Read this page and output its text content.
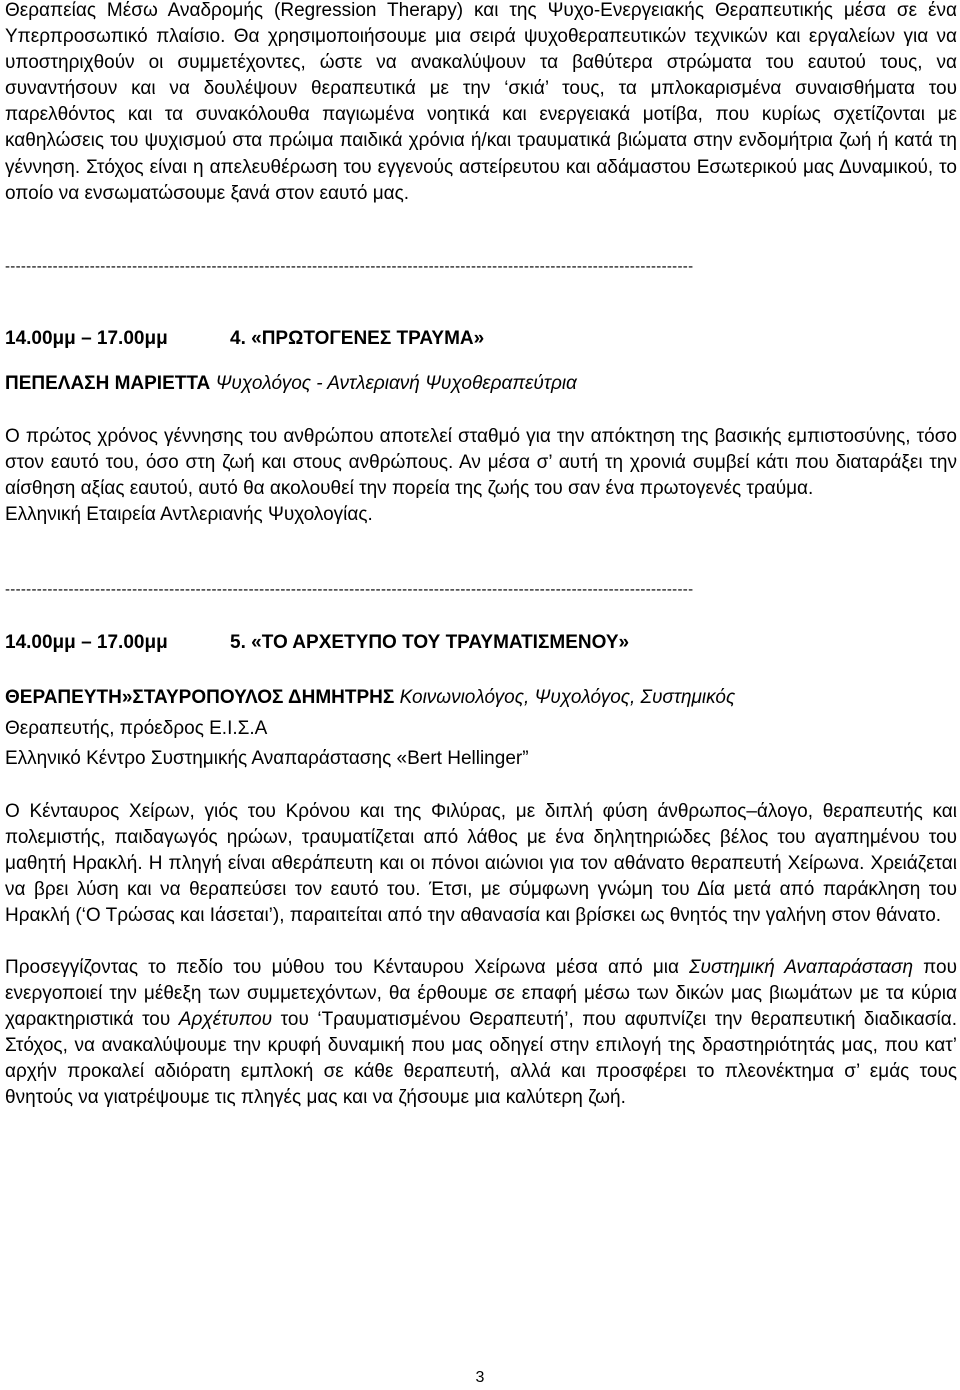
Θεραπείας Μέσω Αναδρομής (Regression Therapy) και της Ψυχο-Ενεργειακής Θεραπευτικής μέσα σε ένα Υπερπροσωπικό πλαίσιο. Θα χρησιμοποιήσουμε μια σειρά ψυχοθεραπευτικών τεχνικών και εργαλείων για να υποστηριχθούν οι συμμετέχοντες, ώστε να ανακαλύψουν τα βαθύτερα στρώματα του εαυτού τους, να συναντήσουν και να δουλέψουν θεραπευτικά με την ‘σκιά’ τους, τα μπλοκαρισμένα συναισθήματα του παρελθόντος και τα συνακόλουθα παγιωμένα νοητικά και ενεργειακά μοτίβα, που κυρίως σχετίζονται με καθηλώσεις του ψυχισμού στα πρώιμα παιδικά χρόνια ή/και τραυματικά βιώματα στην ενδομήτρια ζωή ή κατά τη γέννηση. Στόχος είναι η απελευθέρωση του εγγενούς αστείρευτου και αδάμαστου Εσωτερικού μας Δυναμικού, το οποίο να ενσωματώσουμε ξανά στον εαυτό μας.

----------------------------------------------------------------------------------------------------------------------------------
14.00μμ – 17.00μμ	4. «ΠΡΩΤΟΓΕΝΕΣ ΤΡΑΥΜΑ»
ΠΕΠΕΛΑΣΗ ΜΑΡΙΕΤΤΑ Ψυχολόγος - Αντλεριανή Ψυχοθεραπεύτρια
Ο πρώτος χρόνος γέννησης του ανθρώπου αποτελεί σταθμό για την απόκτηση της βασικής εμπιστοσύνης, τόσο στον εαυτό του, όσο στη ζωή και στους ανθρώπους. Αν μέσα σ’ αυτή τη χρονιά συμβεί κάτι που διαταράξει την αίσθηση αξίας εαυτού, αυτό θα ακολουθεί την πορεία της ζωής του σαν ένα πρωτογενές τραύμα.
Ελληνική Εταιρεία Αντλεριανής Ψυχολογίας.
----------------------------------------------------------------------------------------------------------------------------------
14.00μμ – 17.00μμ	5. «ΤΟ ΑΡΧΕΤΥΠΟ ΤΟΥ ΤΡΑΥΜΑΤΙΣΜΕΝΟΥ»
ΘΕΡΑΠΕΥΤΗ»ΣΤΑΥΡΟΠΟΥΛΟΣ ΔΗΜΗΤΡΗΣ Κοινωνιολόγος, Ψυχολόγος, Συστημικός
Θεραπευτής, πρόεδρος Ε.Ι.Σ.Α
Ελληνικό Κέντρο Συστημικής Αναπαράστασης «Bert Hellinger”

Ο Κένταυρος Χείρων, γιός του Κρόνου και της Φιλύρας, με διπλή φύση άνθρωπος–άλογο, θεραπευτής και πολεμιστής, παιδαγωγός ηρώων, τραυματίζεται από λάθος με ένα δηλητηριώδες βέλος του αγαπημένου του μαθητή Ηρακλή. Η πληγή είναι αθεράπευτη και οι πόνοι αιώνιοι για τον αθάνατο θεραπευτή Χείρωνα. Χρειάζεται να βρει λύση και να θεραπεύσει τον εαυτό του. Έτσι, με σύμφωνη γνώμη του Δία μετά από παράκληση του Ηρακλή (‘Ο Τρώσας και Ιάσεται’), παραιτείται από την αθανασία και βρίσκει ως θνητός την γαλήνη στον θάνατο.

Προσεγγίζοντας το πεδίο του μύθου του Κένταυρου Χείρωνα μέσα από μια Συστημική Αναπαράσταση που ενεργοποιεί την μέθεξη των συμμετεχόντων, θα έρθουμε σε επαφή μέσω των δικών μας βιωμάτων με τα κύρια χαρακτηριστικά του Αρχέτυπου του ‘Τραυματισμένου Θεραπευτή’, που αφυπνίζει την θεραπευτική διαδικασία. Στόχος, να ανακαλύψουμε την κρυφή δυναμική που μας οδηγεί στην επιλογή της δραστηριότητάς μας, που κατ’ αρχήν προκαλεί αδιόρατη εμπλοκή σε κάθε θεραπευτή, αλλά και προσφέρει το πλεονέκτημα σ’ εμάς τους θνητούς να γιατρέψουμε τις πληγές μας και να ζήσουμε μια καλύτερη ζωή.

3
